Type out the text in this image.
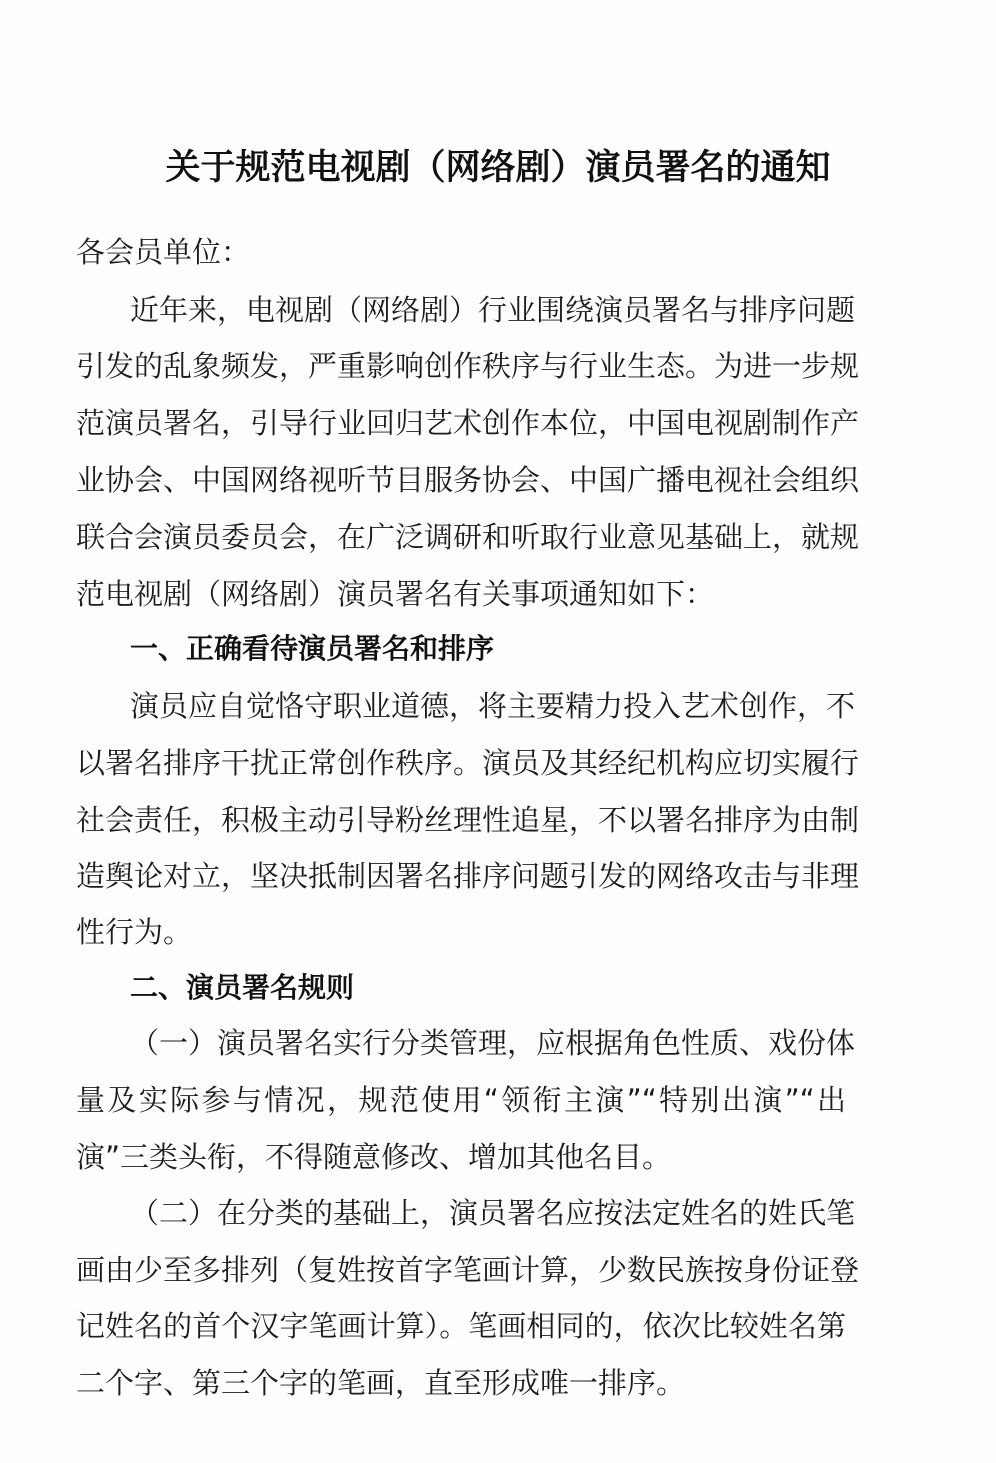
关于规范电视剧（网络剧）演员署名的通知
各会员单位：
近年来，电视剧（网络剧）行业围绕演员署名与排序问题
引发的乱象频发，严重影响创作秩序与行业生态。为进一步规
范演员署名，引导行业回归艺术创作本位，中国电视剧制作产
业协会、中国网络视听节目服务协会、中国广播电视社会组织
联合会演员委员会，在广泛调研和听取行业意见基础上，就规
范电视剧（网络剧）演员署名有关事项通知如下：
一、正确看待演员署名和排序
演员应自觉恪守职业道德，将主要精力投入艺术创作，不
以署名排序干扰正常创作秩序。演员及其经纪机构应切实履行
社会责任，积极主动引导粉丝理性追星，不以署名排序为由制
造舆论对立，坚决抵制因署名排序问题引发的网络攻击与非理
性行为。
二、演员署名规则
（一）演员署名实行分类管理，应根据角色性质、戏份体
量及实际参与情况，规范使用“领衔主演”“特别出演”“出
演”三类头衔，不得随意修改、增加其他名目。
（二）在分类的基础上，演员署名应按法定姓名的姓氏笔
画由少至多排列（复姓按首字笔画计算，少数民族按身份证登
记姓名的首个汉字笔画计算）。笔画相同的，依次比较姓名第
二个字、第三个字的笔画，直至形成唯一排序。
